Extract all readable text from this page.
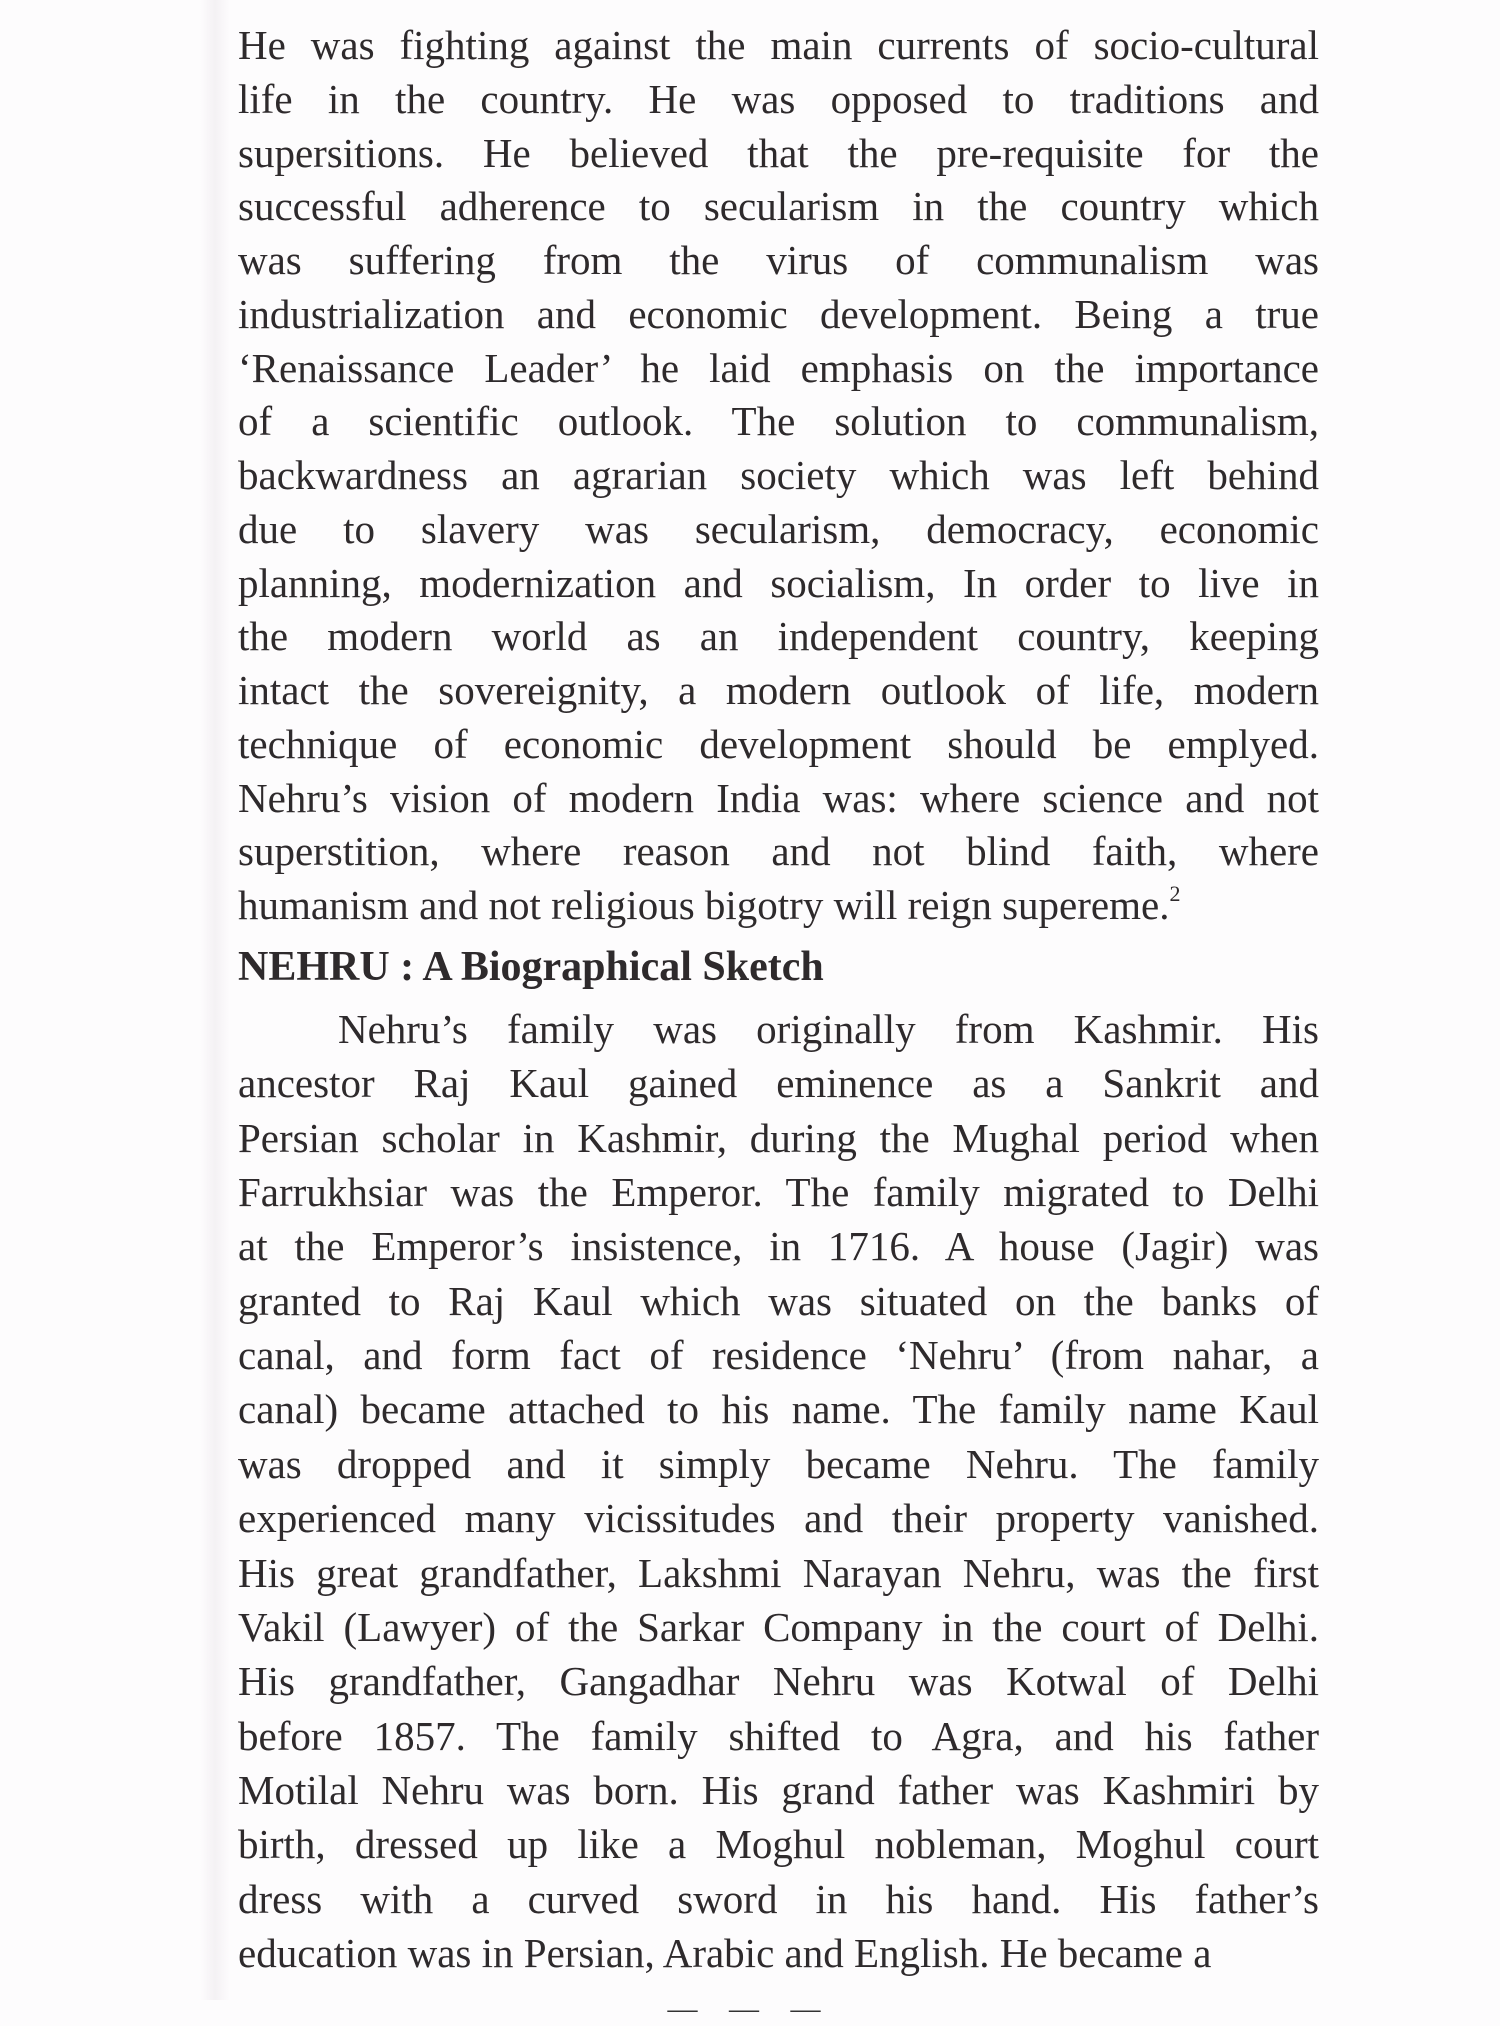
He was fighting against the main currents of socio-cultural
life in the country. He was opposed to traditions and
supersitions. He believed that the pre-requisite for the
successful adherence to secularism in the country which
was suffering from the virus of communalism was
industrialization and economic development. Being a true
‘Renaissance Leader’ he laid emphasis on the importance
of a scientific outlook. The solution to communalism,
backwardness an agrarian society which was left behind
due to slavery was secularism, democracy, economic
planning, modernization and socialism, In order to live in
the modern world as an independent country, keeping
intact the sovereignity, a modern outlook of life, modern
technique of economic development should be emplyed.
Nehru’s vision of modern India was: where science and not
superstition, where reason and not blind faith, where
humanism and not religious bigotry will reign supereme.$^2$
NEHRU : A Biographical Sketch
Nehru’s family was originally from Kashmir. His
ancestor Raj Kaul gained eminence as a Sankrit and
Persian scholar in Kashmir, during the Mughal period when
Farrukhsiar was the Emperor. The family migrated to Delhi
at the Emperor’s insistence, in 1716. A house (Jagir) was
granted to Raj Kaul which was situated on the banks of
canal, and form fact of residence ‘Nehru’ (from nahar, a
canal) became attached to his name. The family name Kaul
was dropped and it simply became Nehru. The family
experienced many vicissitudes and their property vanished.
His great grandfather, Lakshmi Narayan Nehru, was the first
Vakil (Lawyer) of the Sarkar Company in the court of Delhi.
His grandfather, Gangadhar Nehru was Kotwal of Delhi
before 1857. The family shifted to Agra, and his father
Motilal Nehru was born. His grand father was Kashmiri by
birth, dressed up like a Moghul nobleman, Moghul court
dress with a curved sword in his hand. His father’s
education was in Persian, Arabic and English. He became a
— — —
